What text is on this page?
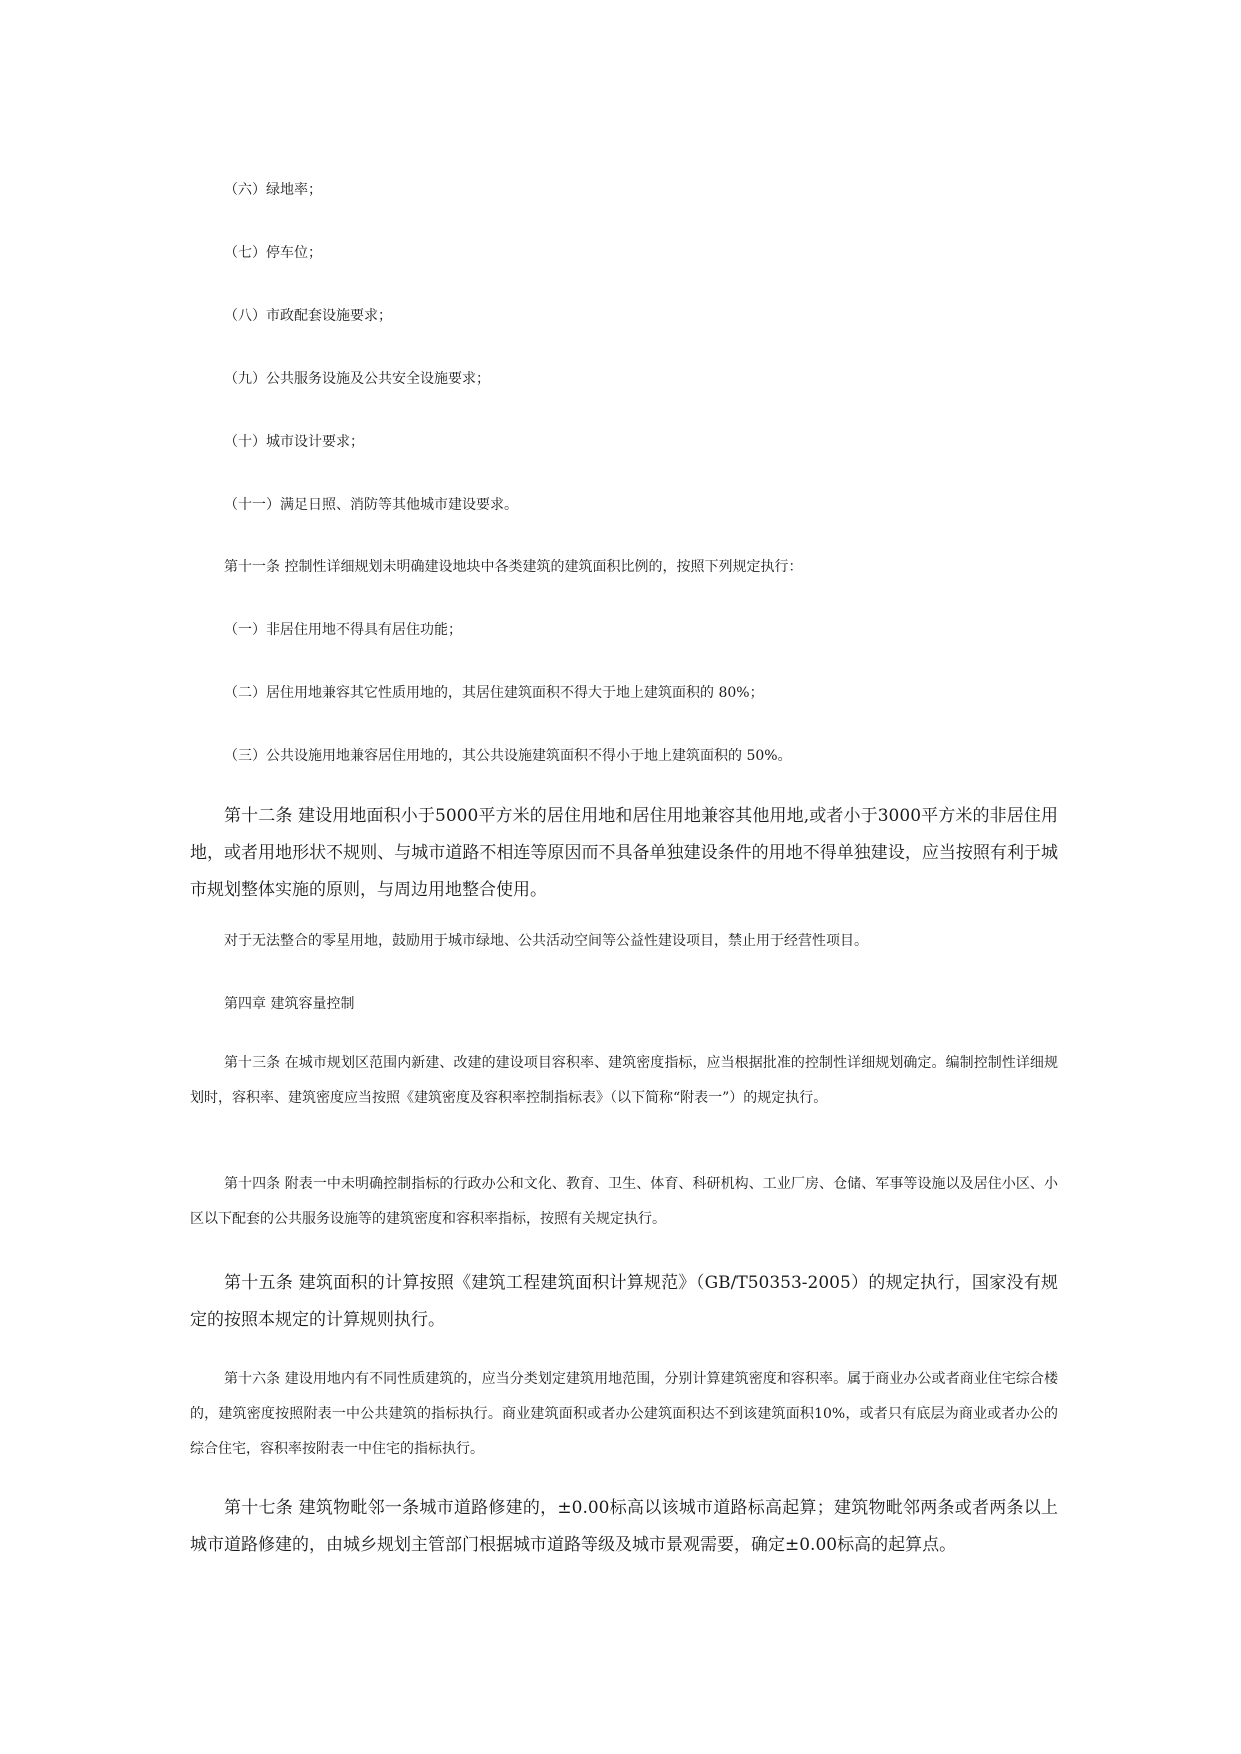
（六）绿地率；
（七）停车位；
（八）市政配套设施要求；
（九）公共服务设施及公共安全设施要求；
（十）城市设计要求；
（十一）满足日照、消防等其他城市建设要求。
第十一条 控制性详细规划未明确建设地块中各类建筑的建筑面积比例的，按照下列规定执行：
（一）非居住用地不得具有居住功能；
（二）居住用地兼容其它性质用地的，其居住建筑面积不得大于地上建筑面积的 80%；
（三）公共设施用地兼容居住用地的，其公共设施建筑面积不得小于地上建筑面积的 50%。

第十二条 建设用地面积小于5000平方米的居住用地和居住用地兼容其他用地,或者小于3000平方米的非居住用地，或者用地形状不规则、与城市道路不相连等原因而不具备单独建设条件的用地不得单独建设，应当按照有利于城市规划整体实施的原则，与周边用地整合使用。

对于无法整合的零星用地，鼓励用于城市绿地、公共活动空间等公益性建设项目，禁止用于经营性项目。
第四章 建筑容量控制

第十三条 在城市规划区范围内新建、改建的建设项目容积率、建筑密度指标，应当根据批准的控制性详细规划确定。编制控制性详细规划时，容积率、建筑密度应当按照《建筑密度及容积率控制指标表》（以下简称“附表一”）的规定执行。

第十四条 附表一中未明确控制指标的行政办公和文化、教育、卫生、体育、科研机构、工业厂房、仓储、军事等设施以及居住小区、小区以下配套的公共服务设施等的建筑密度和容积率指标，按照有关规定执行。

第十五条 建筑面积的计算按照《建筑工程建筑面积计算规范》（GB/T50353-2005）的规定执行，国家没有规定的按照本规定的计算规则执行。

第十六条 建设用地内有不同性质建筑的，应当分类划定建筑用地范围，分别计算建筑密度和容积率。属于商业办公或者商业住宅综合楼的，建筑密度按照附表一中公共建筑的指标执行。商业建筑面积或者办公建筑面积达不到该建筑面积10%，或者只有底层为商业或者办公的综合住宅，容积率按附表一中住宅的指标执行。

第十七条 建筑物毗邻一条城市道路修建的，±0.00标高以该城市道路标高起算；建筑物毗邻两条或者两条以上城市道路修建的，由城乡规划主管部门根据城市道路等级及城市景观需要，确定±0.00标高的起算点。
